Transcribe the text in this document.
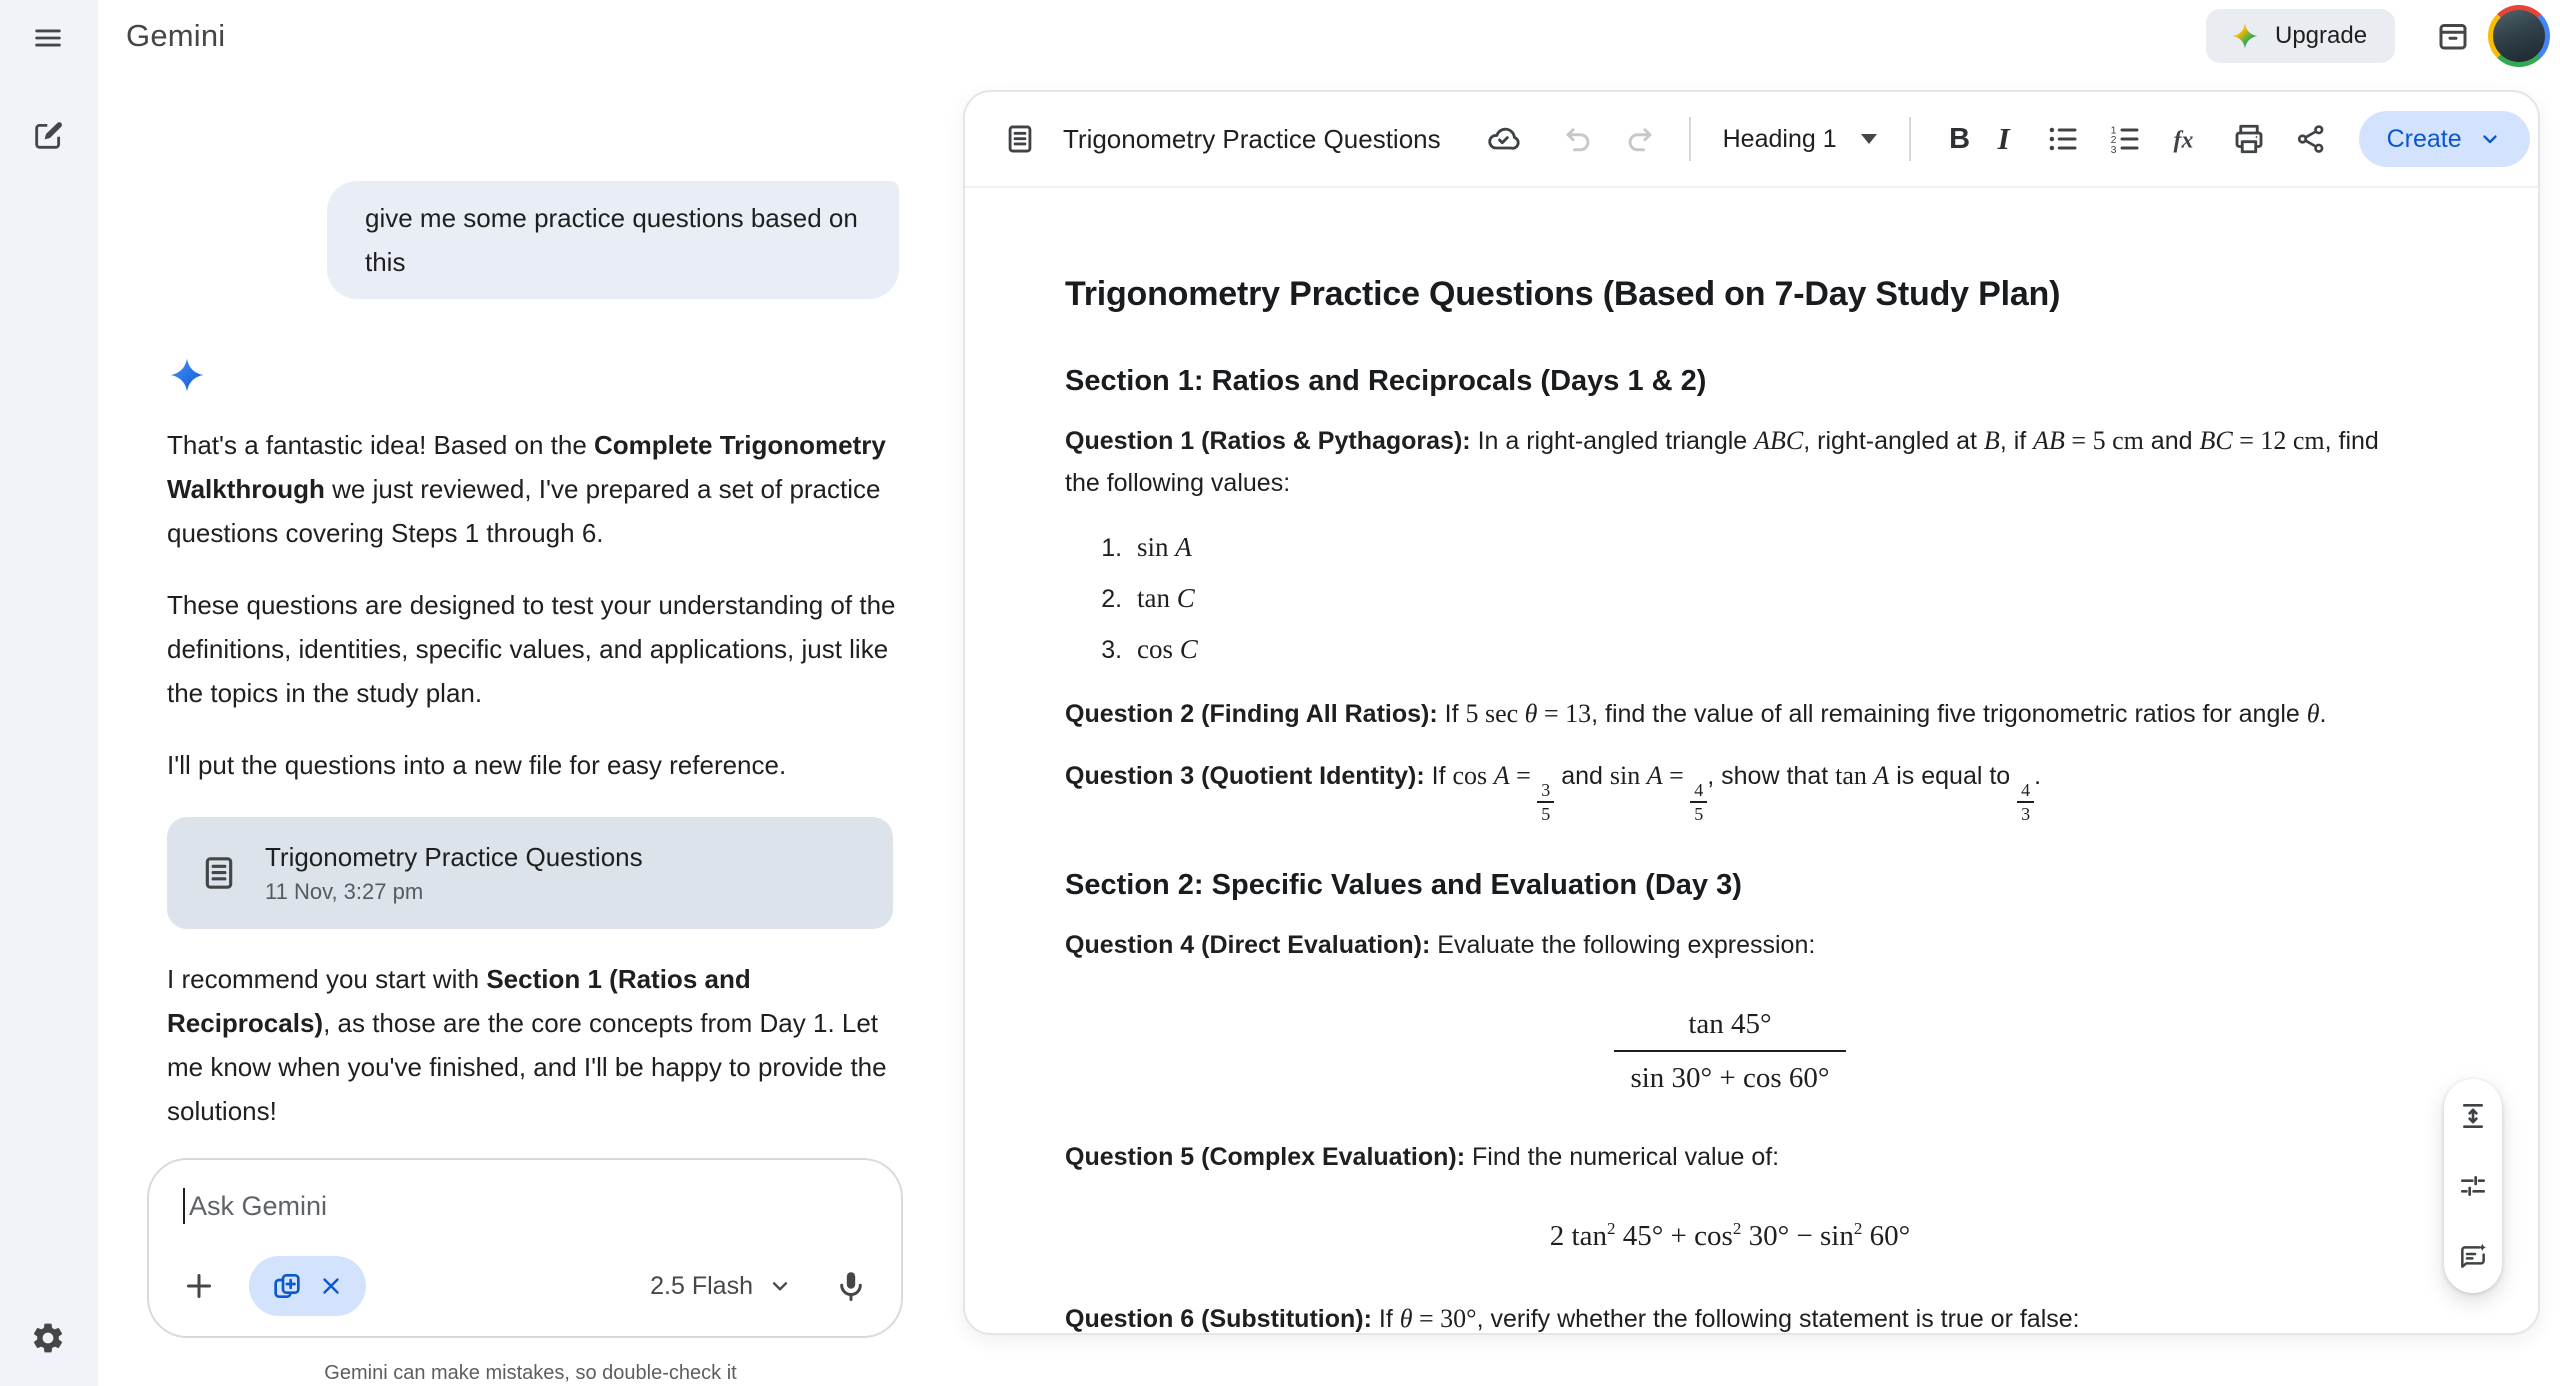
Gemini	Upgrade
give me some practice questions based on this

That's a fantastic idea! Based on the Complete Trigonometry Walkthrough we just reviewed, I've prepared a set of practice questions covering Steps 1 through 6.

These questions are designed to test your understanding of the definitions, identities, specific values, and applications, just like the topics in the study plan.

I'll put the questions into a new file for easy reference.

Trigonometry Practice Questions
11 Nov, 3:27 pm

I recommend you start with Section 1 (Ratios and Reciprocals), as those are the core concepts from Day 1. Let me know when you've finished, and I'll be happy to provide the solutions!

Ask Gemini
2.5 Flash
Gemini can make mistakes, so double-check it
Trigonometry Practice Questions	Heading 1	B I	1
2
3	fx	Create
Trigonometry Practice Questions (Based on 7-Day Study Plan)
Section 1: Ratios and Reciprocals (Days 1 & 2)
Question 1 (Ratios & Pythagoras): In a right-angled triangle ABC, right-angled at B, if AB = 5 cm and BC = 12 cm, find the following values:
1. sin A
2. tan C
3. cos C
Question 2 (Finding All Ratios): If 5 sec θ = 13, find the value of all remaining five trigonometric ratios for angle θ.
Question 3 (Quotient Identity): If cos A =
$\frac{3}{5}$
and sin A =
$\frac{4}{5}$
, show that tan A is equal to
$\frac{4}{3}$
.
Section 2: Specific Values and Evaluation (Day 3)
Question 4 (Direct Evaluation): Evaluate the following expression:
$\frac{\tan 45^\circ}{\sin 30^\circ + \cos 60^\circ}$
Question 5 (Complex Evaluation): Find the numerical value of:
2 $\tan^2 45^\circ + \cos^2 30^\circ - \sin^2 60^\circ$
Question 6 (Substitution): If θ = 30°, verify whether the following statement is true or false:
